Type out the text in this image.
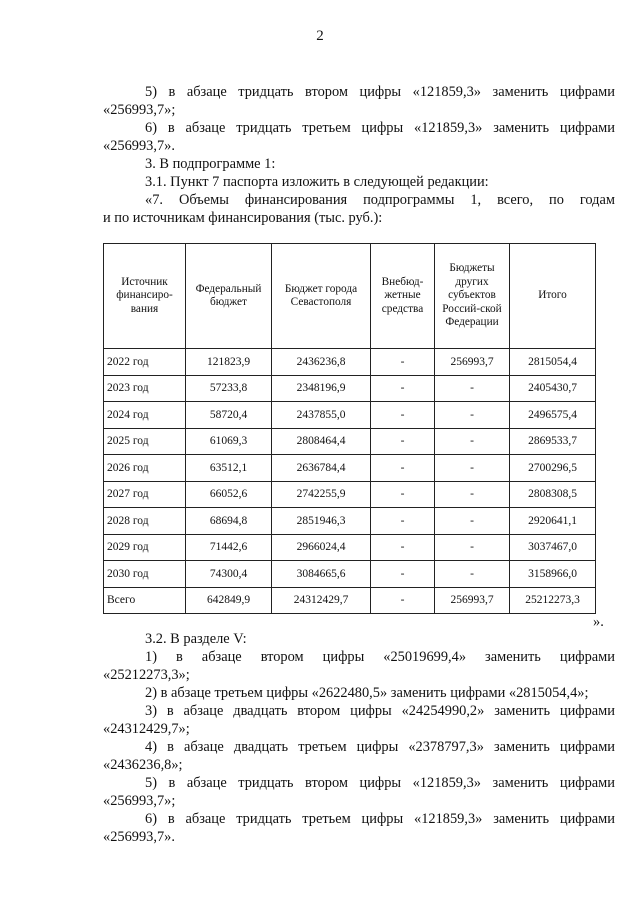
2
5) в абзаце тридцать втором цифры «121859,3» заменить цифрами
«256993,7»;
6) в абзаце тридцать третьем цифры «121859,3» заменить цифрами
«256993,7».
3. В подпрограмме 1:
3.1. Пункт 7 паспорта изложить в следующей редакции:
«7. Объемы финансирования подпрограммы 1, всего, по годам
и по источникам финансирования (тыс. руб.):
Источник финансиро-вания	Федеральный бюджет	Бюджет города Севастополя	Внебюд-жетные средства	Бюджеты других субъектов Россий-ской Федерации	Итого
2022 год	121823,9	2436236,8	-	256993,7	2815054,4
2023 год	57233,8	2348196,9	-	-	2405430,7
2024 год	58720,4	2437855,0	-	-	2496575,4
2025 год	61069,3	2808464,4	-	-	2869533,7
2026 год	63512,1	2636784,4	-	-	2700296,5
2027 год	66052,6	2742255,9	-	-	2808308,5
2028 год	68694,8	2851946,3	-	-	2920641,1
2029 год	71442,6	2966024,4	-	-	3037467,0
2030 год	74300,4	3084665,6	-	-	3158966,0
Всего	642849,9	24312429,7	-	256993,7	25212273,3
».
3.2. В разделе V:
1) в абзаце втором цифры «25019699,4» заменить цифрами
«25212273,3»;
2) в абзаце третьем цифры «2622480,5» заменить цифрами «2815054,4»;
3) в абзаце двадцать втором цифры «24254990,2» заменить цифрами
«24312429,7»;
4) в абзаце двадцать третьем цифры «2378797,3» заменить цифрами
«2436236,8»;
5) в абзаце тридцать втором цифры «121859,3» заменить цифрами
«256993,7»;
6) в абзаце тридцать третьем цифры «121859,3» заменить цифрами
«256993,7».
